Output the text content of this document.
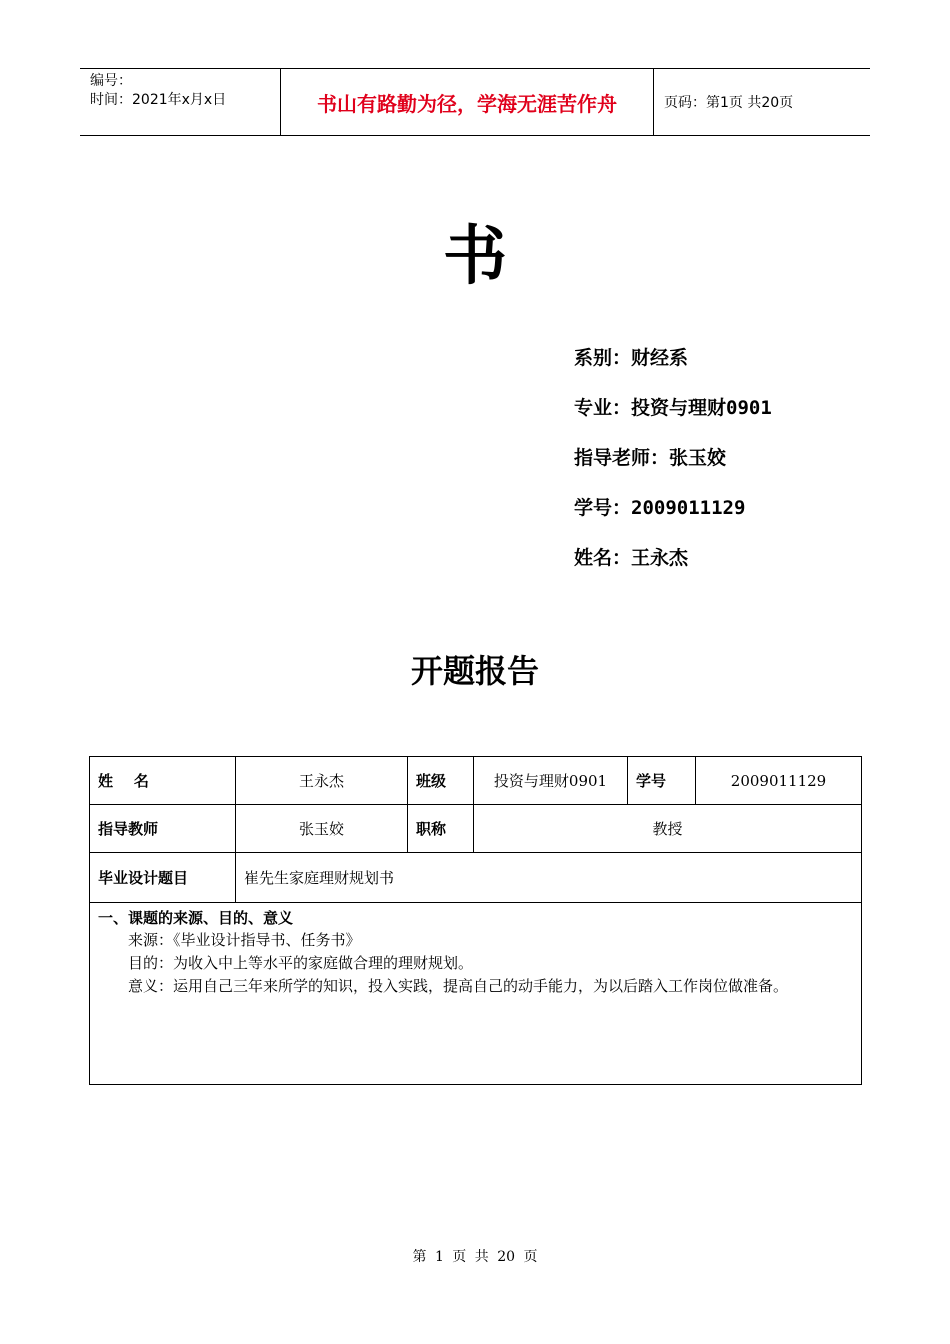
编号：
时间：2021年x月x日	书山有路勤为径，学海无涯苦作舟	页码：第1页 共20页
书
系别：财经系
专业：投资与理财0901
指导老师：张玉姣
学号：2009011129
姓名：王永杰
开题报告
姓    名	王永杰	班级	投资与理财0901	学号	2009011129
指导教师	张玉姣	职称	教授		
毕业设计题目	崔先生家庭理财规划书				

一、课题的来源、目的、意义
来源：《毕业设计指导书、任务书》
目的：为收入中上等水平的家庭做合理的理财规划。
意义：运用自己三年来所学的知识，投入实践，提高自己的动手能力，为以后踏入工作岗位做准备。					
第 1 页 共 20 页
